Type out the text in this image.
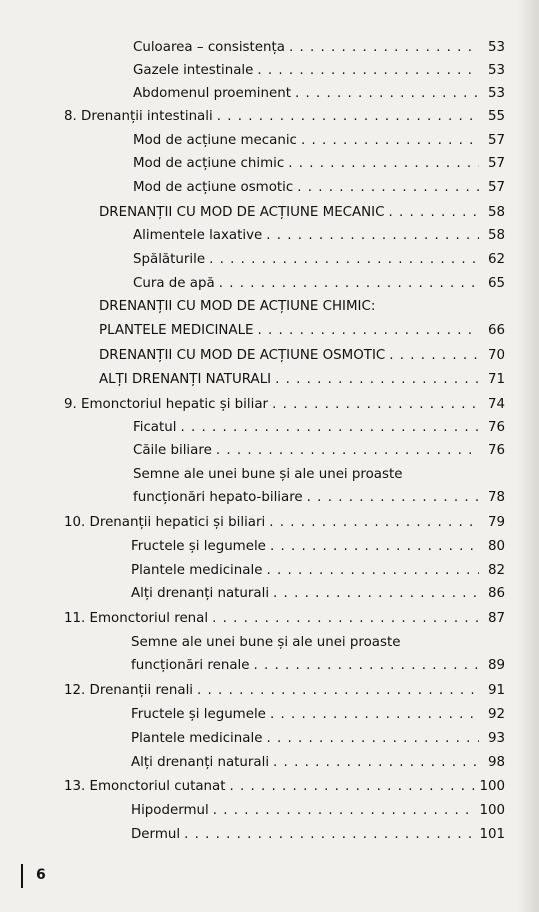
Culoarea – consistența . . .	53
Gazele intestinale . . .	53
Abdomenul proeminent . . .	53
8. Drenanții intestinali . . .	55
Mod de acțiune mecanic . . .	57
Mod de acțiune chimic . . .	57
Mod de acțiune osmotic . . .	57
DRENANȚII CU MOD DE ACȚIUNE MECANIC . . .	58
Alimentele laxative . . .	58
Spălăturile . . .	62
Cura de apă . . .	65
DRENANȚII CU MOD DE ACȚIUNE CHIMIC:
PLANTELE MEDICINALE . . .	66
DRENANȚII CU MOD DE ACȚIUNE OSMOTIC . . .	70
ALȚI DRENANȚI NATURALI . . .	71
9. Emonctoriul hepatic și biliar . . .	74
Ficatul . . .	76
Căile biliare . . .	76
Semne ale unei bune și ale unei proaste
funcționări hepato-biliare . . .	78
10. Drenanții hepatici și biliari . . .	79
Fructele și legumele . . .	80
Plantele medicinale . . .	82
Alți drenanți naturali . . .	86
11. Emonctoriul renal . . .	87
Semne ale unei bune și ale unei proaste
funcționări renale . . .	89
12. Drenanții renali . . .	91
Fructele și legumele . . .	92
Plantele medicinale . . .	93
Alți drenanți naturali . . .	98
13. Emonctoriul cutanat . . .	100
Hipodermul . . .	100
Dermul . . .	101
6
